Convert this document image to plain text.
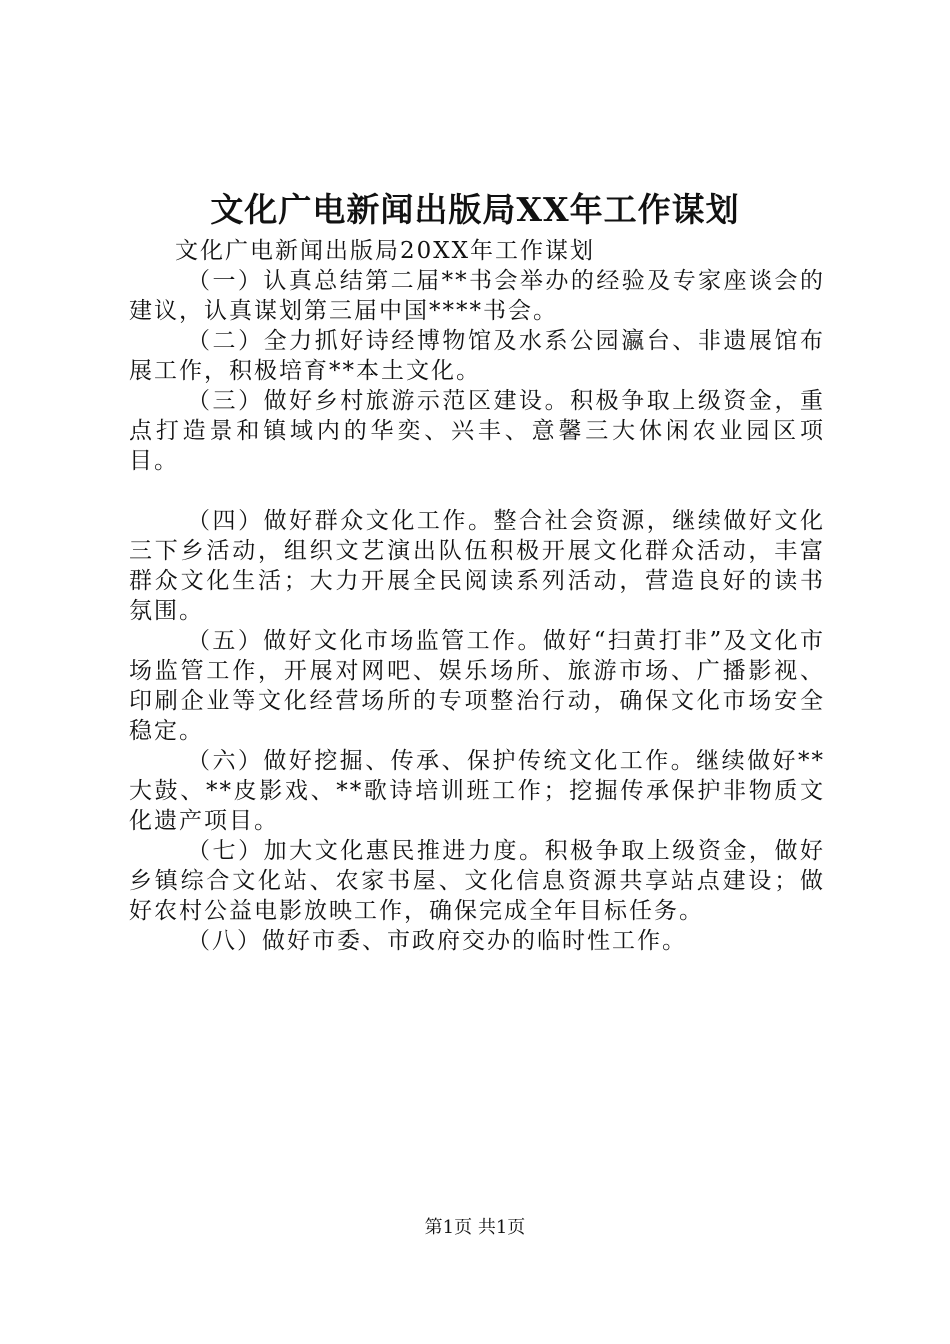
文化广电新闻出版局XX年工作谋划

文化广电新闻出版局20XX年工作谋划

（一）认真总结第二届**书会举办的经验及专家座谈会的建议，认真谋划第三届中国****书会。

（二）全力抓好诗经博物馆及水系公园瀛台、非遗展馆布展工作，积极培育**本土文化。

（三）做好乡村旅游示范区建设。积极争取上级资金，重点打造景和镇域内的华奕、兴丰、意馨三大休闲农业园区项目。

（四）做好群众文化工作。整合社会资源，继续做好文化三下乡活动，组织文艺演出队伍积极开展文化群众活动，丰富群众文化生活；大力开展全民阅读系列活动，营造良好的读书氛围。

（五）做好文化市场监管工作。做好“扫黄打非”及文化市场监管工作，开展对网吧、娱乐场所、旅游市场、广播影视、印刷企业等文化经营场所的专项整治行动，确保文化市场安全稳定。

（六）做好挖掘、传承、保护传统文化工作。继续做好**大鼓、**皮影戏、**歌诗培训班工作；挖掘传承保护非物质文化遗产项目。

（七）加大文化惠民推进力度。积极争取上级资金，做好乡镇综合文化站、农家书屋、文化信息资源共享站点建设；做好农村公益电影放映工作，确保完成全年目标任务。

（八）做好市委、市政府交办的临时性工作。

第1页 共1页
